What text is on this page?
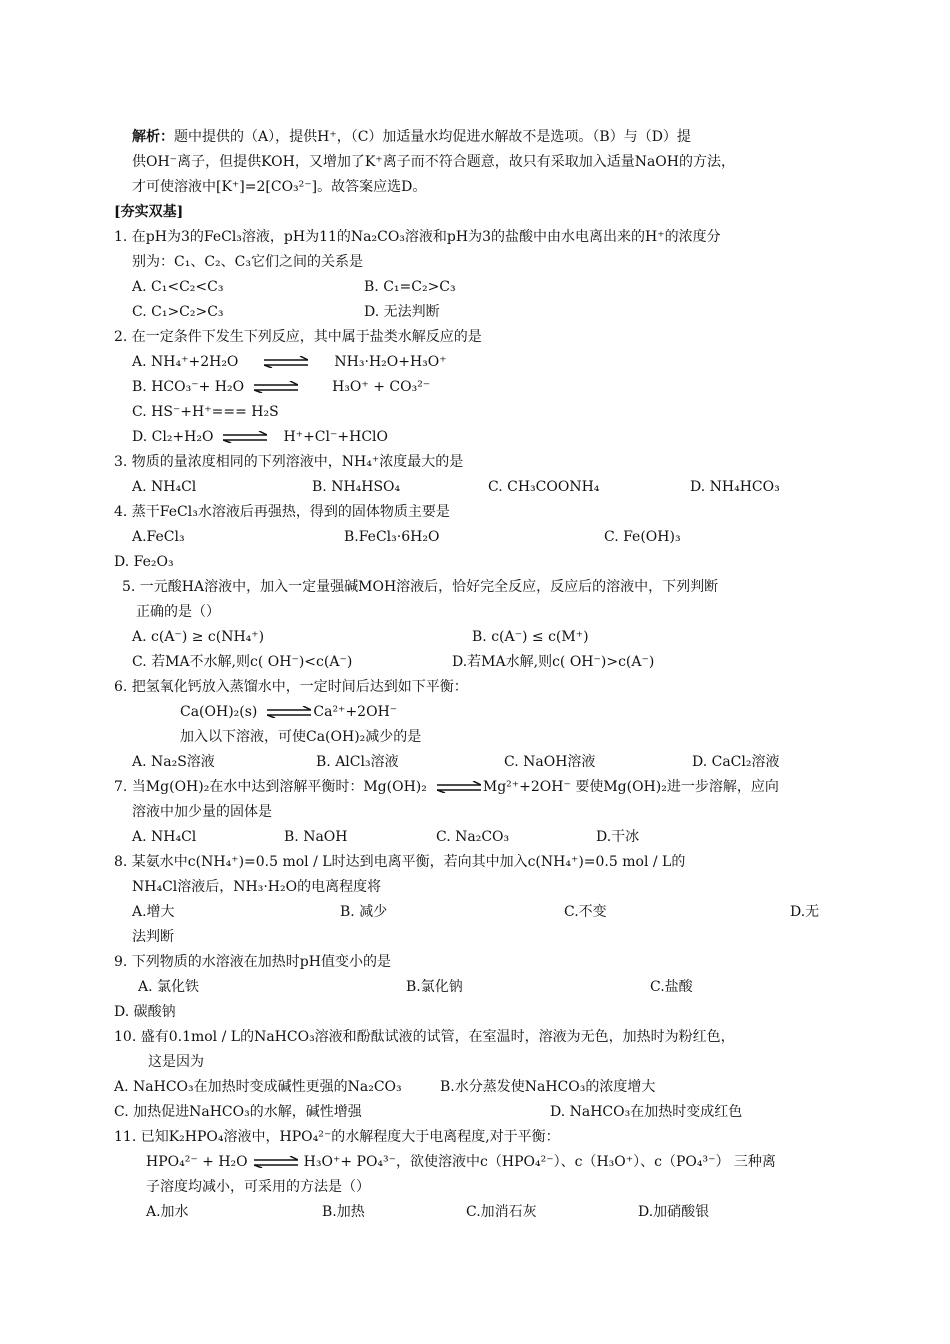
解析：题中提供的（A），提供H⁺，（C）加适量水均促进水解故不是选项。（B）与（D）提
供OH⁻离子，但提供KOH，又增加了K⁺离子而不符合题意，故只有采取加入适量NaOH的方法，
才可使溶液中[K⁺]=2[CO₃²⁻]。故答案应选D。
[夯实双基]
1. 在pH为3的FeCl₃溶液，pH为11的Na₂CO₃溶液和pH为3的盐酸中由水电离出来的H⁺的浓度分
别为：C₁、C₂、C₃它们之间的关系是
A. C₁<C₂<C₃	B. C₁=C₂>C₃
C. C₁>C₂>C₃	D. 无法判断
2. 在一定条件下发生下列反应，其中属于盐类水解反应的是
A. NH₄⁺+2H₂O	NH₃·H₂O+H₃O⁺
B. HCO₃⁻+ H₂O ⇌ H₃O⁺ + CO₃²⁻
C. HS⁻+H⁺=== H₂S
D. Cl₂+H₂O ⇌ H⁺+Cl⁻+HClO
3. 物质的量浓度相同的下列溶液中，NH₄⁺浓度最大的是
A. NH₄Cl	B. NH₄HSO₄	C. CH₃COONH₄	D. NH₄HCO₃
4. 蒸干FeCl₃水溶液后再强热，得到的固体物质主要是
A.FeCl₃	B.FeCl₃·6H₂O	C. Fe(OH)₃
D. Fe₂O₃
5. 一元酸HA溶液中，加入一定量强碱MOH溶液后，恰好完全反应，反应后的溶液中，下列判断
正确的是（）
A. c(A⁻) ≥ c(NH₄⁺)	B. c(A⁻) ≤ c(M⁺)
C. 若MA不水解,则c( OH⁻)<c(A⁻)	D.若MA水解,则c( OH⁻)>c(A⁻)
6. 把氢氧化钙放入蒸馏水中，一定时间后达到如下平衡：
Ca(OH)₂(s) ⇌ Ca²⁺+2OH⁻
加入以下溶液，可使Ca(OH)₂减少的是
A. Na₂S溶液	B. AlCl₃溶液	C. NaOH溶液	D. CaCl₂溶液
7. 当Mg(OH)₂在水中达到溶解平衡时：Mg(OH)₂ ⇌ Mg²⁺+2OH⁻ 要使Mg(OH)₂进一步溶解，应向
溶液中加少量的固体是
A. NH₄Cl	B. NaOH	C. Na₂CO₃	D.干冰
8. 某氨水中c(NH₄⁺)=0.5 mol / L时达到电离平衡，若向其中加入c(NH₄⁺)=0.5 mol / L的
NH₄Cl溶液后，NH₃·H₂O的电离程度将
A.增大	B. 减少	C.不变	D.无
法判断
9. 下列物质的水溶液在加热时pH值变小的是
A. 氯化铁	B.氯化钠	C.盐酸
D. 碳酸钠
10. 盛有0.1mol / L的NaHCO₃溶液和酚酞试液的试管，在室温时，溶液为无色，加热时为粉红色，
这是因为
A. NaHCO₃在加热时变成碱性更强的Na₂CO₃	B.水分蒸发使NaHCO₃的浓度增大
C. 加热促进NaHCO₃的水解，碱性增强	D. NaHCO₃在加热时变成红色
11. 已知K₂HPO₄溶液中，HPO₄²⁻的水解程度大于电离程度,对于平衡：
HPO₄²⁻ + H₂O ⇌ H₃O⁺+ PO₄³⁻，欲使溶液中c（HPO₄²⁻）、c（H₃O⁺）、c（PO₄³⁻） 三种离
子溶度均减小，可采用的方法是（）
A.加水	B.加热	C.加消石灰	D.加硝酸银
